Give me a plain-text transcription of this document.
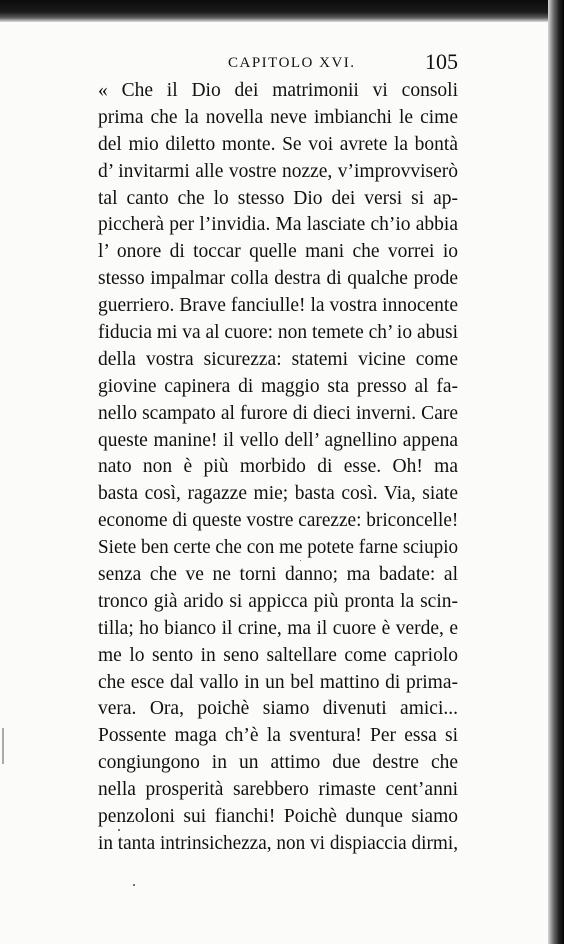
CAPITOLO XVI.	105
« Che il Dio dei matrimonii vi consoli
prima che la novella neve imbianchi le cime
del mio diletto monte. Se voi avrete la bontà
d’ invitarmi alle vostre nozze, v’improvviserò
tal canto che lo stesso Dio dei versi si ap-
piccherà per l’invidia. Ma lasciate ch’io abbia
l’ onore di toccar quelle mani che vorrei io
stesso impalmar colla destra di qualche prode
guerriero. Brave fanciulle! la vostra innocente
fiducia mi va al cuore: non temete ch’ io abusi
della vostra sicurezza: statemi vicine come
giovine capinera di maggio sta presso al fa-
nello scampato al furore di dieci inverni. Care
queste manine! il vello dell’ agnellino appena
nato non è più morbido di esse. Oh! ma
basta così, ragazze mie; basta così. Via, siate
econome di queste vostre carezze: briconcelle!
Siete ben certe che con me potete farne sciupio
senza che ve ne torni danno; ma badate: al
tronco già arido si appicca più pronta la scin-
tilla; ho bianco il crine, ma il cuore è verde, e
me lo sento in seno saltellare come capriolo
che esce dal vallo in un bel mattino di prima-
vera. Ora, poichè siamo divenuti amici...
Possente maga ch’è la sventura! Per essa si
congiungono in un attimo due destre che
nella prosperità sarebbero rimaste cent’anni
penzoloni sui fianchi! Poichè dunque siamo
in tanta intrinsichezza, non vi dispiaccia dirmi,
